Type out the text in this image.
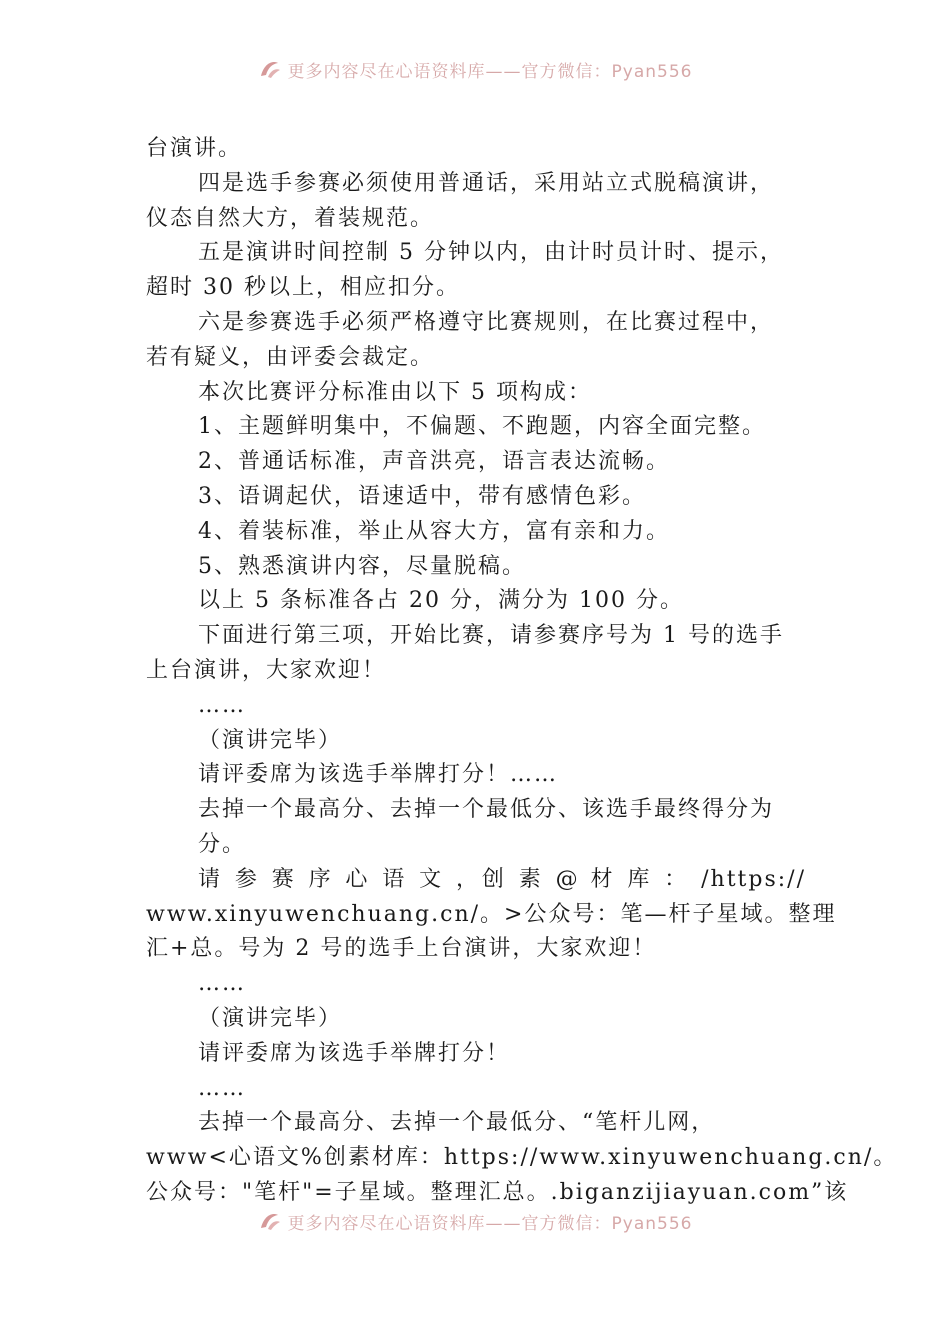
更多内容尽在心语资料库——官方微信：Pyan556

台演讲。

四是选手参赛必须使用普通话，采用站立式脱稿演讲，

仪态自然大方，着装规范。

五是演讲时间控制 5 分钟以内，由计时员计时、提示，

超时 30 秒以上，相应扣分。

六是参赛选手必须严格遵守比赛规则，在比赛过程中，

若有疑义，由评委会裁定。

本次比赛评分标准由以下 5 项构成：

1、主题鲜明集中，不偏题、不跑题，内容全面完整。

2、普通话标准，声音洪亮，语言表达流畅。

3、语调起伏，语速适中，带有感情色彩。

4、着装标准，举止从容大方，富有亲和力。

5、熟悉演讲内容，尽量脱稿。

以上 5 条标准各占 20 分，满分为 100 分。

下面进行第三项，开始比赛，请参赛序号为 1 号的选手

上台演讲，大家欢迎！

……

（演讲完毕）

请评委席为该选手举牌打分！……

去掉一个最高分、去掉一个最低分、该选手最终得分为

分。

请 参 赛 序 心 语 文 ，创 素 @ 材 库 ： /https://

www.xinyuwenchuang.cn/。>公众号：笔—杆子星域。整理

汇+总。号为 2 号的选手上台演讲，大家欢迎！

……

（演讲完毕）

请评委席为该选手举牌打分！

……

去掉一个最高分、去掉一个最低分、“笔杆儿网，

www<心语文%创素材库：https://www.xinyuwenchuang.cn/。

公众号："笔杆"=子星域。整理汇总。.biganzijiayuan.com”该

更多内容尽在心语资料库——官方微信：Pyan556
